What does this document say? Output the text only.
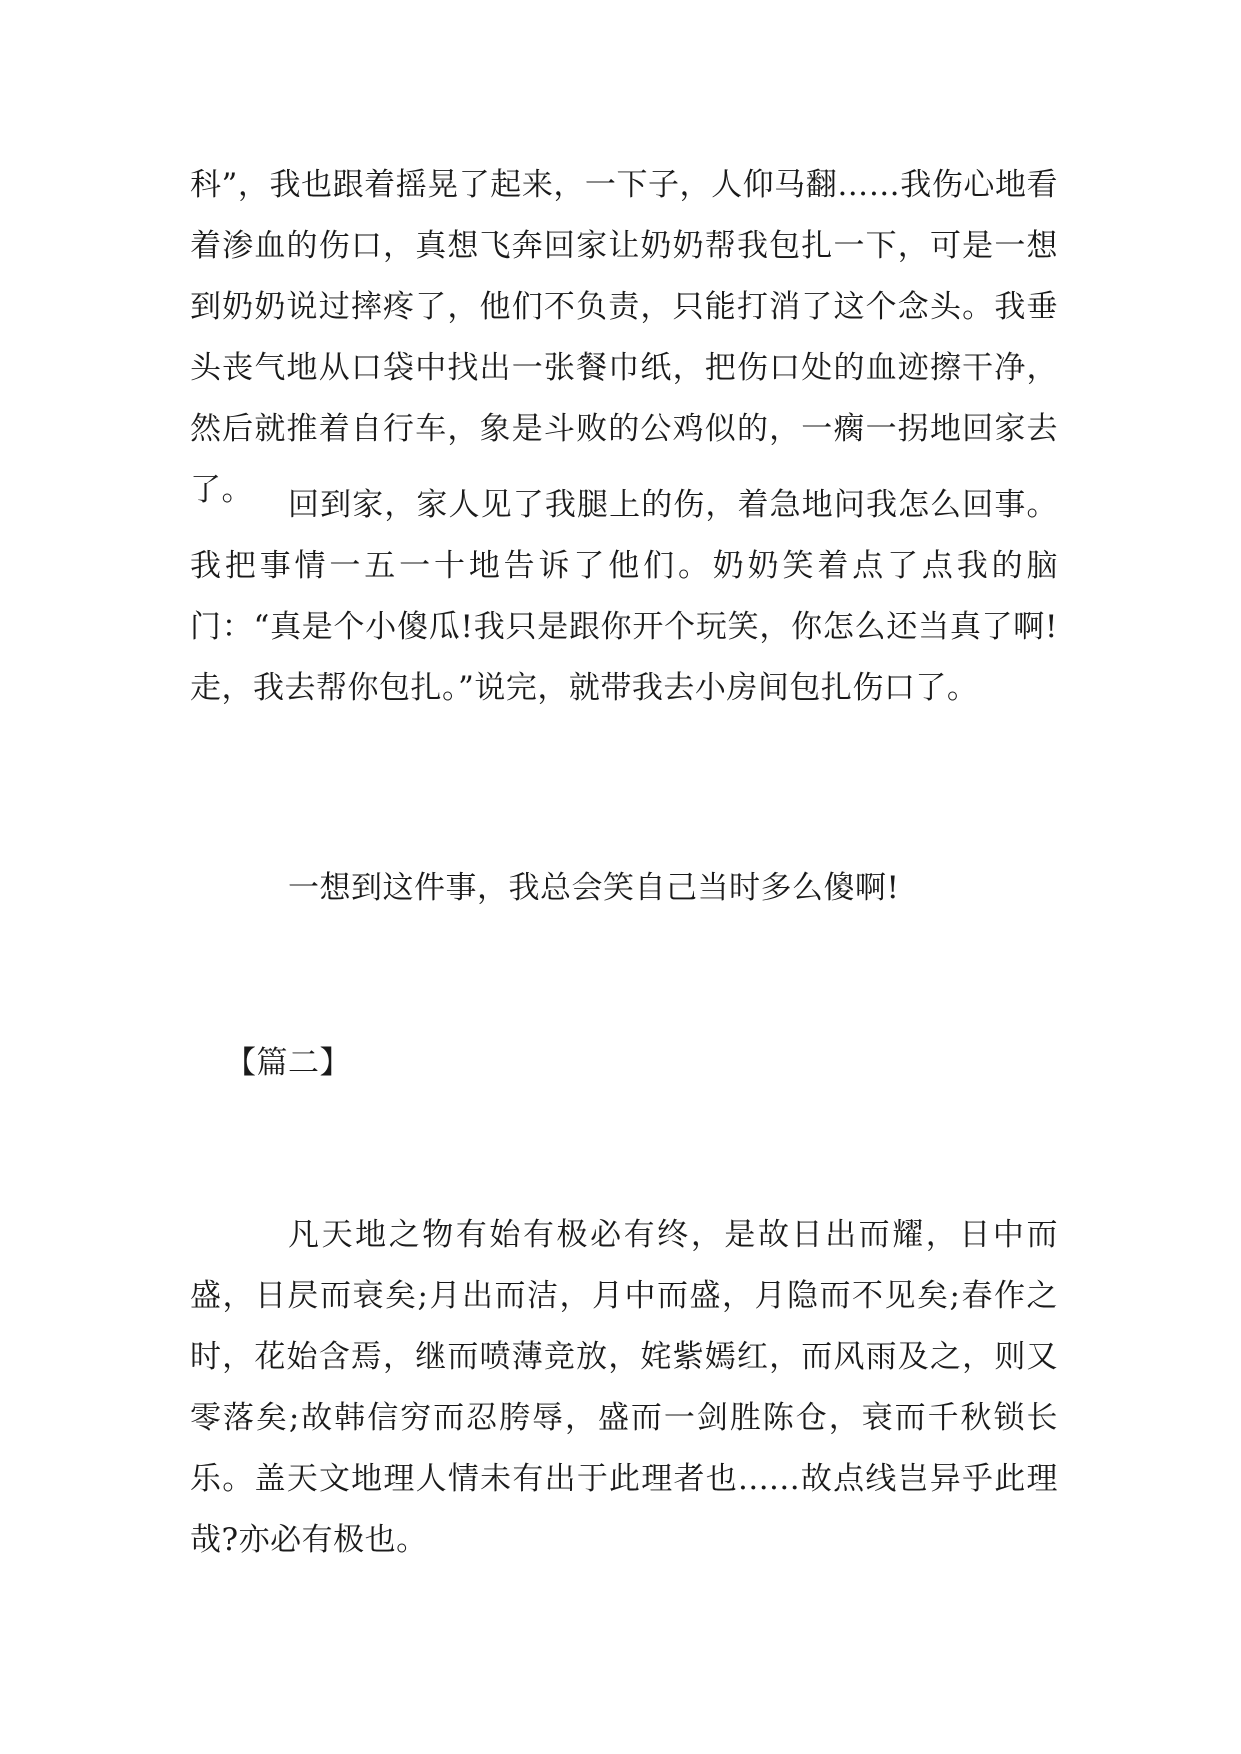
科”，我也跟着摇晃了起来，一下子，人仰马翻……我伤心地看着渗血的伤口，真想飞奔回家让奶奶帮我包扎一下，可是一想到奶奶说过摔疼了，他们不负责，只能打消了这个念头。我垂头丧气地从口袋中找出一张餐巾纸，把伤口处的血迹擦干净，然后就推着自行车，象是斗败的公鸡似的，一瘸一拐地回家去了。	回到家，家人见了我腿上的伤，着急地问我怎么回事。我把事情一五一十地告诉了他们。奶奶笑着点了点我的脑门：“真是个小傻瓜!我只是跟你开个玩笑，你怎么还当真了啊!走，我去帮你包扎。”说完，就带我去小房间包扎伤口了。

一想到这件事，我总会笑自己当时多么傻啊!

【篇二】

凡天地之物有始有极必有终，是故日出而耀，日中而盛，日昃而衰矣;月出而洁，月中而盛，月隐而不见矣;春作之时，花始含焉，继而喷薄竞放，姹紫嫣红，而风雨及之，则又零落矣;故韩信穷而忍胯辱，盛而一剑胜陈仓，衰而千秋锁长乐。盖天文地理人情未有出于此理者也......故点线岂异乎此理哉?亦必有极也。
